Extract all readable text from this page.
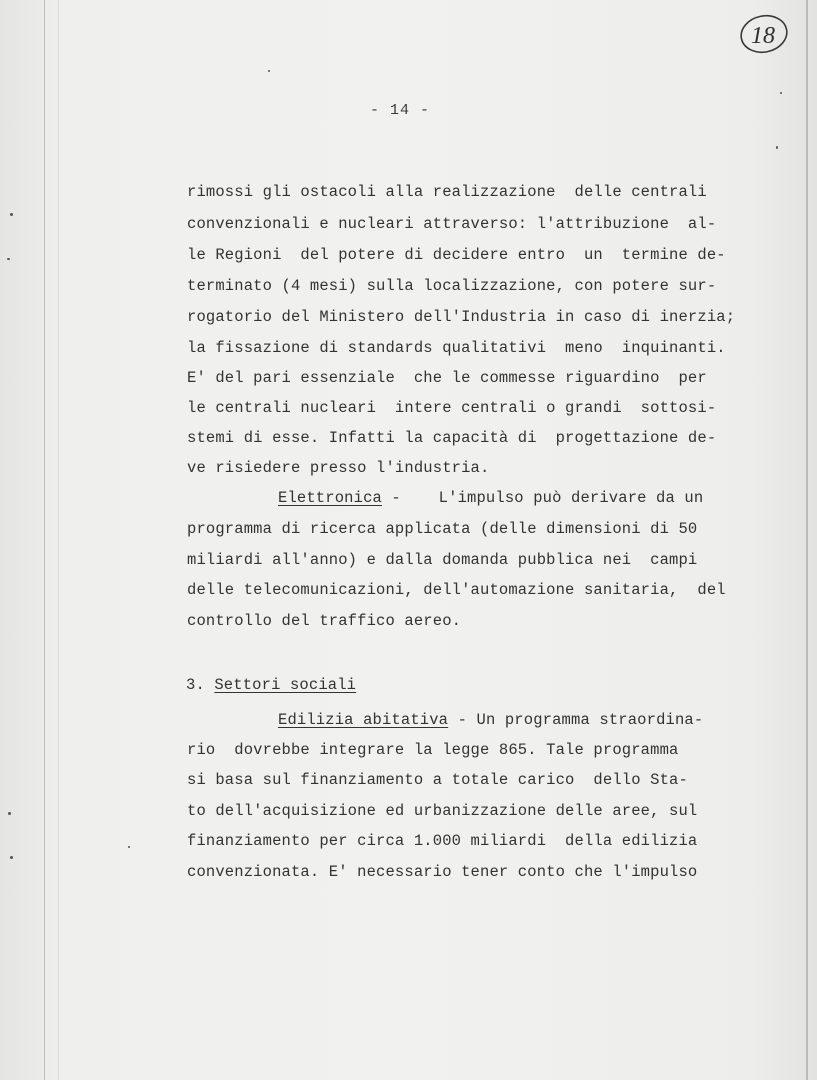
18
- 14 -
rimossi gli ostacoli alla realizzazione  delle centrali
convenzionali e nucleari attraverso: l'attribuzione  al-
le Regioni  del potere di decidere entro  un  termine de-
terminato (4 mesi) sulla localizzazione, con potere sur-
rogatorio del Ministero dell'Industria in caso di inerzia;
la fissazione di standards qualitativi  meno  inquinanti.
E' del pari essenziale  che le commesse riguardino  per
le centrali nucleari  intere centrali o grandi  sottosi-
stemi di esse. Infatti la capacità di  progettazione de-
ve risiedere presso l'industria.
Elettronica -    L'impulso può derivare da un
programma di ricerca applicata (delle dimensioni di 50
miliardi all'anno) e dalla domanda pubblica nei  campi
delle telecomunicazioni, dell'automazione sanitaria,  del
controllo del traffico aereo.
3. Settori sociali
Edilizia abitativa - Un programma straordina-
rio  dovrebbe integrare la legge 865. Tale programma
si basa sul finanziamento a totale carico  dello Sta-
to dell'acquisizione ed urbanizzazione delle aree, sul
finanziamento per circa 1.000 miliardi  della edilizia
convenzionata. E' necessario tener conto che l'impulso
